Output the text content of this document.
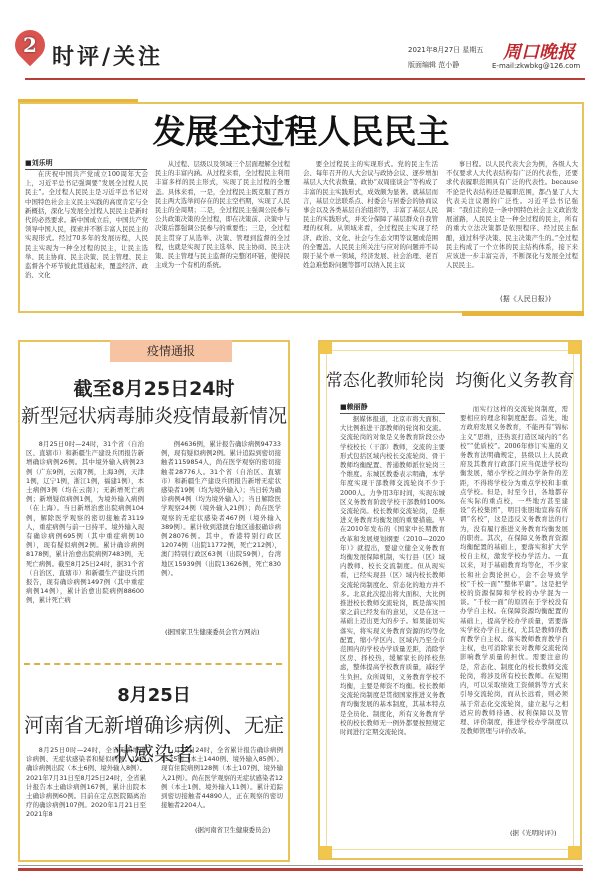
2 时评/关注	2021年8月27日 星期五
版面编辑 范小静
周口晚报
E-mail:zkwbkg@126.com
发展全过程人民民主
■刘乐明
在庆祝中国共产党成立100周年大会上，习近平总书记强调要“发展全过程人民民主”。全过程人民民主是习近平总书记对中国特色社会主义民主实践的高度肯定与全新概括，深化与发展全过程人民民主是新时代的必然要求。新中国成立后，中国共产党领导中国人民，探索并不断丰富人民民主的实现形式。经过70多年的发展历程，人民民主实现为一种全过程的民主，让民主选举、民主协商、民主决策、民主管理、民主监督各个环节彼此贯通起来，覆盖经济、政治、文化
从过程、层级以及领域三个层面理解全过程民主的丰富内涵。从过程来看，全过程民主利用丰富多样的民主形式，实现了民主过程的全覆盖。具体来看，一是，全过程民主既克服了西方民主两大选举间存在的民主空档期，实现了人民民主的全周期；二是，全过程民主强调公民参与公共政策决策的全过程，即在决策前、决策中与决策后都强调公民参与的重要性；三是，全过程民主贯穿了从选举、决策、管理到监督的全过程，也就是实现了民主选举、民主协商、民主决策、民主管理与民主监督的完整闭环链，使得民主成为一个有机的系统。
要全过程民主的实现形式。党的民主生活会、每年召开的人大会议与政协会议、逐步增加基层人大代表数量、政协“双周座谈会”等构成了丰富的民主实践形式，成效颇为显著。就基层而言，基层立法联系点、村委会与居委会的协商议事会以及各类基层自治组织等，丰富了基层人民民主的实践形式，并充分保障了基层群众自我管理的权利。从领域来看，全过程民主实现了经济、政治、文化、社会与生态文明等议题或范围的全覆盖。人民民主所关注与应对的问题并不局限于某个单一领域，经济发展、社会治理、老百姓急难愁盼问题等都可以纳入民主议
事日程。以人民代表大会为例，各级人大不仅要求人大代表结构有广泛的代表性，还要求代表履职范围具有广泛的代表性。because不论是代表结构还是履职范围，都凸显了人大代表关注议题的广泛性。习近平总书记强调：“我们走的是一条中国特色社会主义政治发展道路，人民民主是一种全过程的民主，所有的重大立法决策都是依照程序、经过民主酝酿，通过科学决策、民主决策产生的。”全过程民主构成了一个立体的民主结构体系，接下来应该进一步丰富完善，不断深化与发展全过程人民民主。
(据《人民日报》)
疫情通报
截至8月25日24时
新型冠状病毒肺炎疫情最新情况
8月25日0时—24时，31个省（自治区、直辖市）和新疆生产建设兵团报告新增确诊病例26例。其中境外输入病例23例（广东9例，云南7例，上海3例，天津1例，辽宁1例，浙江1例，福建1例），本土病例3例（均在云南）；无新增死亡病例；新增疑似病例1例，为境外输入病例（在上海）。当日新增治愈出院病例104例，解除医学观察的密切接触者3119人，重症病例与前一日持平。境外输入现有确诊病例695例（其中重症病例10例），现有疑似病例2例。累计确诊病例8178例，累计治愈出院病例7483例，无死亡病例。截至8月25日24时，据31个省（自治区、直辖市）和新疆生产建设兵团报告，现有确诊病例1497例（其中重症病例14例），累计治愈出院病例88600例，累计死亡病
例4636例，累计报告确诊病例94733例，现有疑似病例2例。累计追踪到密切接触者1159854人，尚在医学观察的密切接触者28776人。31个省（自治区、直辖市）和新疆生产建设兵团报告新增无症状感染者19例（均为境外输入）；当日转为确诊病例4例（均为境外输入）；当日解除医学观察24例（境外输入21例）；尚在医学观察的无症状感染者467例（境外输入389例）。累计收到港澳台地区通报确诊病例28076例。其中，香港特别行政区12074例（出院11772例，死亡212例），澳门特别行政区63例（出院59例），台湾地区15939例（出院13626例，死亡830例）。
(据国家卫生健康委员会官方网站)
8月25日
河南省无新增确诊病例、无症状感染者
8月25日0时—24时，全省无新增确诊病例、无症状感染者和疑似病例。14例确诊病例出院（本土6例、境外输入8例）。2021年7月31日至8月25日24时，全省累计报告本土确诊病例167例，累计出院本土确诊病例60例。目前在定点医院隔离治疗的确诊病例107例。2020年1月21日至2021年8
月25日24时，全省累计报告确诊病例1525例（本土1440例、境外输入85例）。现有住院病例128例（本土107例、境外输入21例）。尚在医学观察的无症状感染者12例（本土1例、境外输入11例）。累计追踪到密切接触者44890人，正在观察的密切接触者2204人。
(据河南省卫生健康委员会)
常态化教师轮岗  均衡化义务教育
■赖丽静
据媒体报道，北京市将大面积、大比例推进干部教师的轮岗和交流。交流轮岗的对象是义务教育阶段公办学校校长（干部）教师，交流的主要形式包括区域内校长交流轮岗、骨干教师均衡配置、普通教师派位轮岗三个维度。东城区教委表示明确，本学年度实现干部教师交流轮岗不少于2000人。力争用3年时间，实现东城区义务教育阶段学校干部教师100%交流轮岗。校长教师交流轮岗，是推进义务教育均衡发展的重要措施。早在2010年发布的《国家中长期教育改革和发展规划纲要（2010—2020年）》就提出，要建立健全义务教育均衡发展保障机制，实行县（区）域内教师、校长交流制度。但从现实看，已经实现县（区）域内校长教师交流轮岗制度化、常态化的地方并不多。北京此次提出将大面积、大比例推进校长教师交流轮岗，既是落实国家之前已经发布的意见，又是在这一基础上迈出更大的步子。如果能切实落实，将实现义务教育资源的均等化配置，缩小学区内、区域内乃至全市范围内的学校办学质量差距，消除学区房、择校热，缓解家长的择校焦虑，整体提高学校教育质量，减轻学生负担。众所周知，义务教育学校不均衡，主要是师资不均衡。校长教师交流轮岗制度是贯彻国家推进义务教育均衡发展的基本制度，其基本特点是全员化、制度化，所有义务教育学校的校长教师无一例外都要按照规定时间进行定期交流轮岗。
而实行这样的交流轮岗制度，需要相应的理念和制度配套。首先，地方政府发展义务教育，不能再有“锦标主义”思维，还热衷打造区域内的“名校”“优质校”。2006年修订实施的义务教育法明确规定，县级以上人民政府及其教育行政部门应当促进学校均衡发展，缩小学校之间办学条件的差距，不得将学校分为重点学校和非重点学校。但是，时至今日，各地都存在实际的重点校，一些地方甚至建设“名校集团”，明目张胆地宣称有所谓“名校”，这是违反义务教育法的行为，没有履行推进义务教育均衡发展的职责。其次，在保障义务教育资源均衡配置的基础上，要落实和扩大学校自主权，激发学校办学活力。一直以来，对于基础教育均等化，不少家长和社会舆论担心，会不会导致学校“千校一面”“整体平庸”。这是把学校的资源保障和学校的办学混为一谈。“千校一面”的原因在于学校没有办学自主权。在保障资源均衡配置的基础上，提高学校办学质量，需要落实学校办学自主权，尤其是教师的教育教学自主权。落实教师教育教学自主权，也可消除家长对教师交流轮岗影响教学质量的担忧。需要注意的是，常态化、制度化的校长教师交流轮岗，将涉及所有校长教师。在短期内，可以采取绩效工资倾斜等方式来引导交流轮岗，而从长远看，则必须基于常态化交流轮岗，建立起与之相适应的教师待遇、权利保障以及管理、评价制度，推进学校办学制度以及教师管理与评价改革。
(据《光明时评》)
